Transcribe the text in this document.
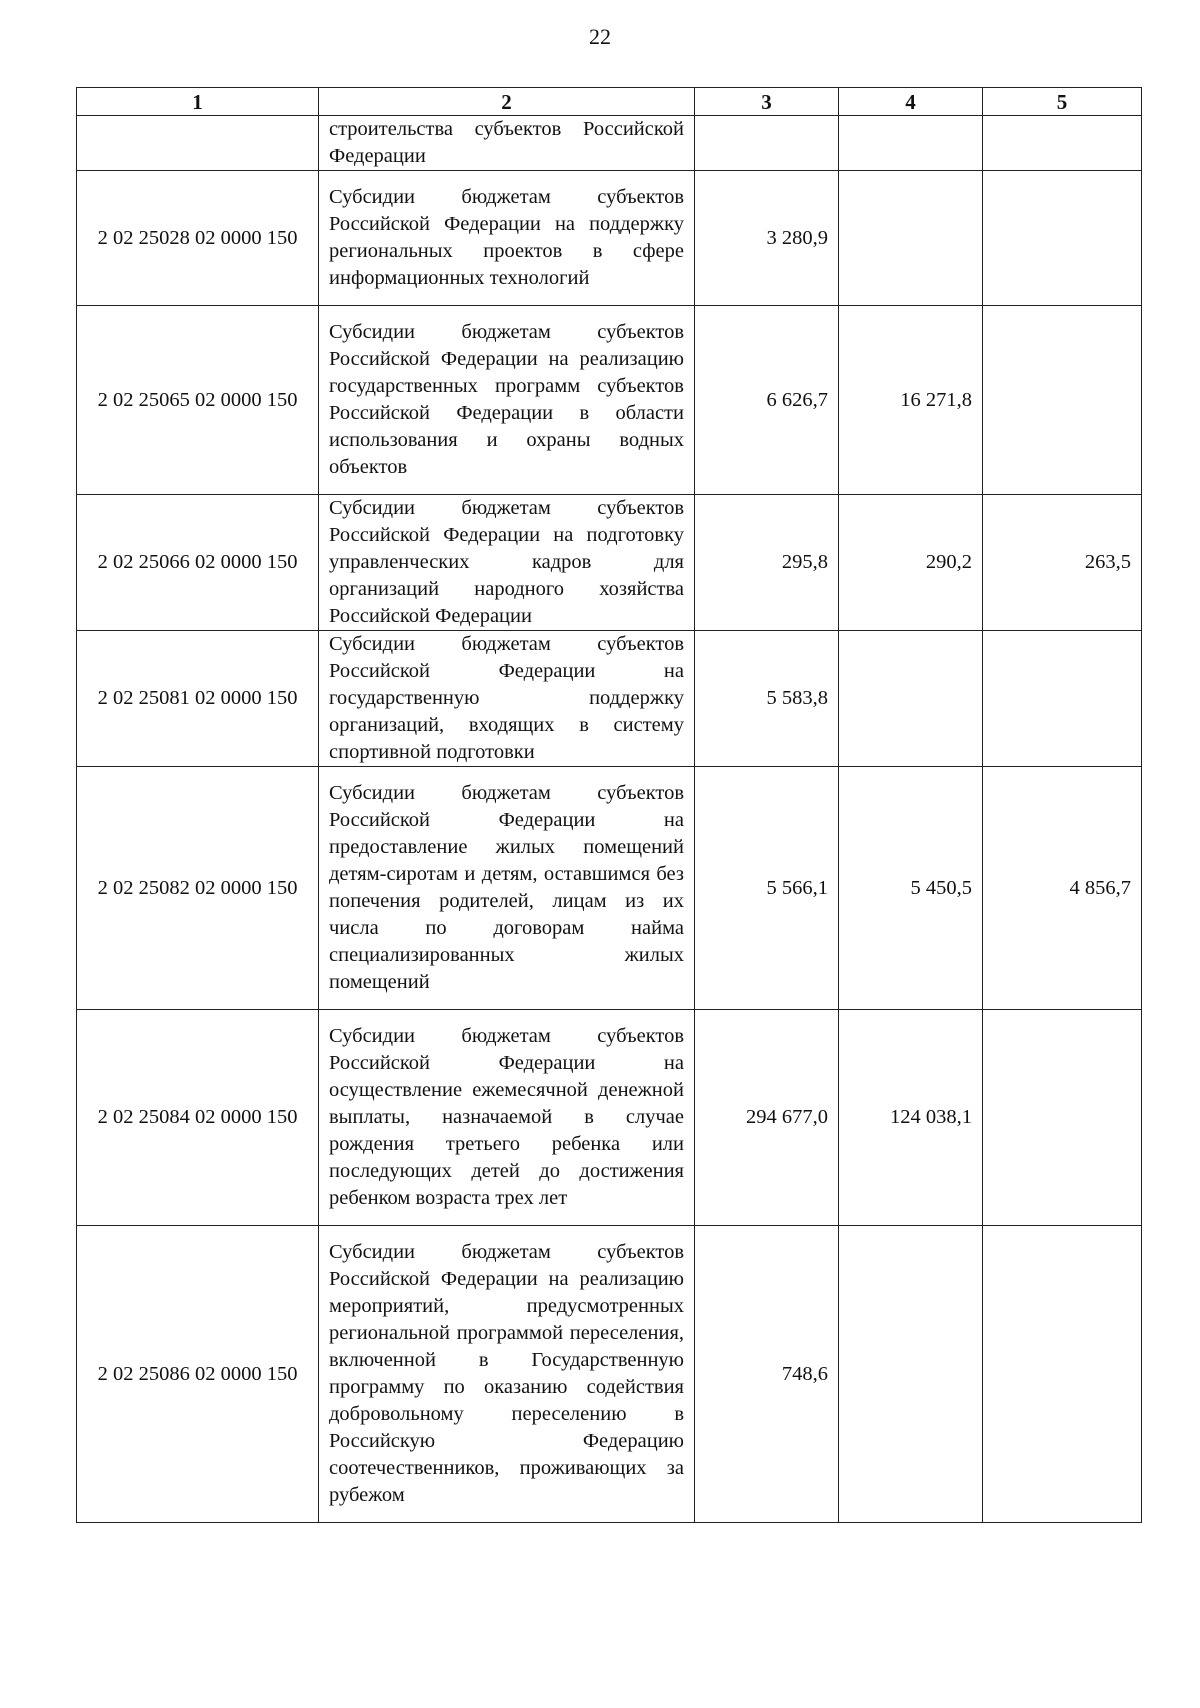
22
1	2	3	4	5
	строительства субъектов Российской Федерации			
2 02 25028 02 0000 150	Субсидии бюджетам субъектов Российской Федерации на поддержку региональных проектов в сфере информационных технологий	3 280,9		
2 02 25065 02 0000 150	Субсидии бюджетам субъектов Российской Федерации на реализацию государственных программ субъектов Российской Федерации в области использования и охраны водных объектов	6 626,7	16 271,8	
2 02 25066 02 0000 150	Субсидии бюджетам субъектов Российской Федерации на подготовку управленческих кадров для организаций народного хозяйства Российской Федерации	295,8	290,2	263,5
2 02 25081 02 0000 150	Субсидии бюджетам субъектов Российской Федерации на государственную поддержку организаций, входящих в систему спортивной подготовки	5 583,8		
2 02 25082 02 0000 150	Субсидии бюджетам субъектов Российской Федерации на предоставление жилых помещений детям-сиротам и детям, оставшимся без попечения родителей, лицам из их числа по договорам найма специализированных жилых помещений	5 566,1	5 450,5	4 856,7
2 02 25084 02 0000 150	Субсидии бюджетам субъектов Российской Федерации на осуществление ежемесячной денежной выплаты, назначаемой в случае рождения третьего ребенка или последующих детей до достижения ребенком возраста трех лет	294 677,0	124 038,1	
2 02 25086 02 0000 150	Субсидии бюджетам субъектов Российской Федерации на реализацию мероприятий, предусмотренных региональной программой переселения, включенной в Государственную программу по оказанию содействия добровольному переселению в Российскую Федерацию соотечественников, проживающих за рубежом	748,6		
